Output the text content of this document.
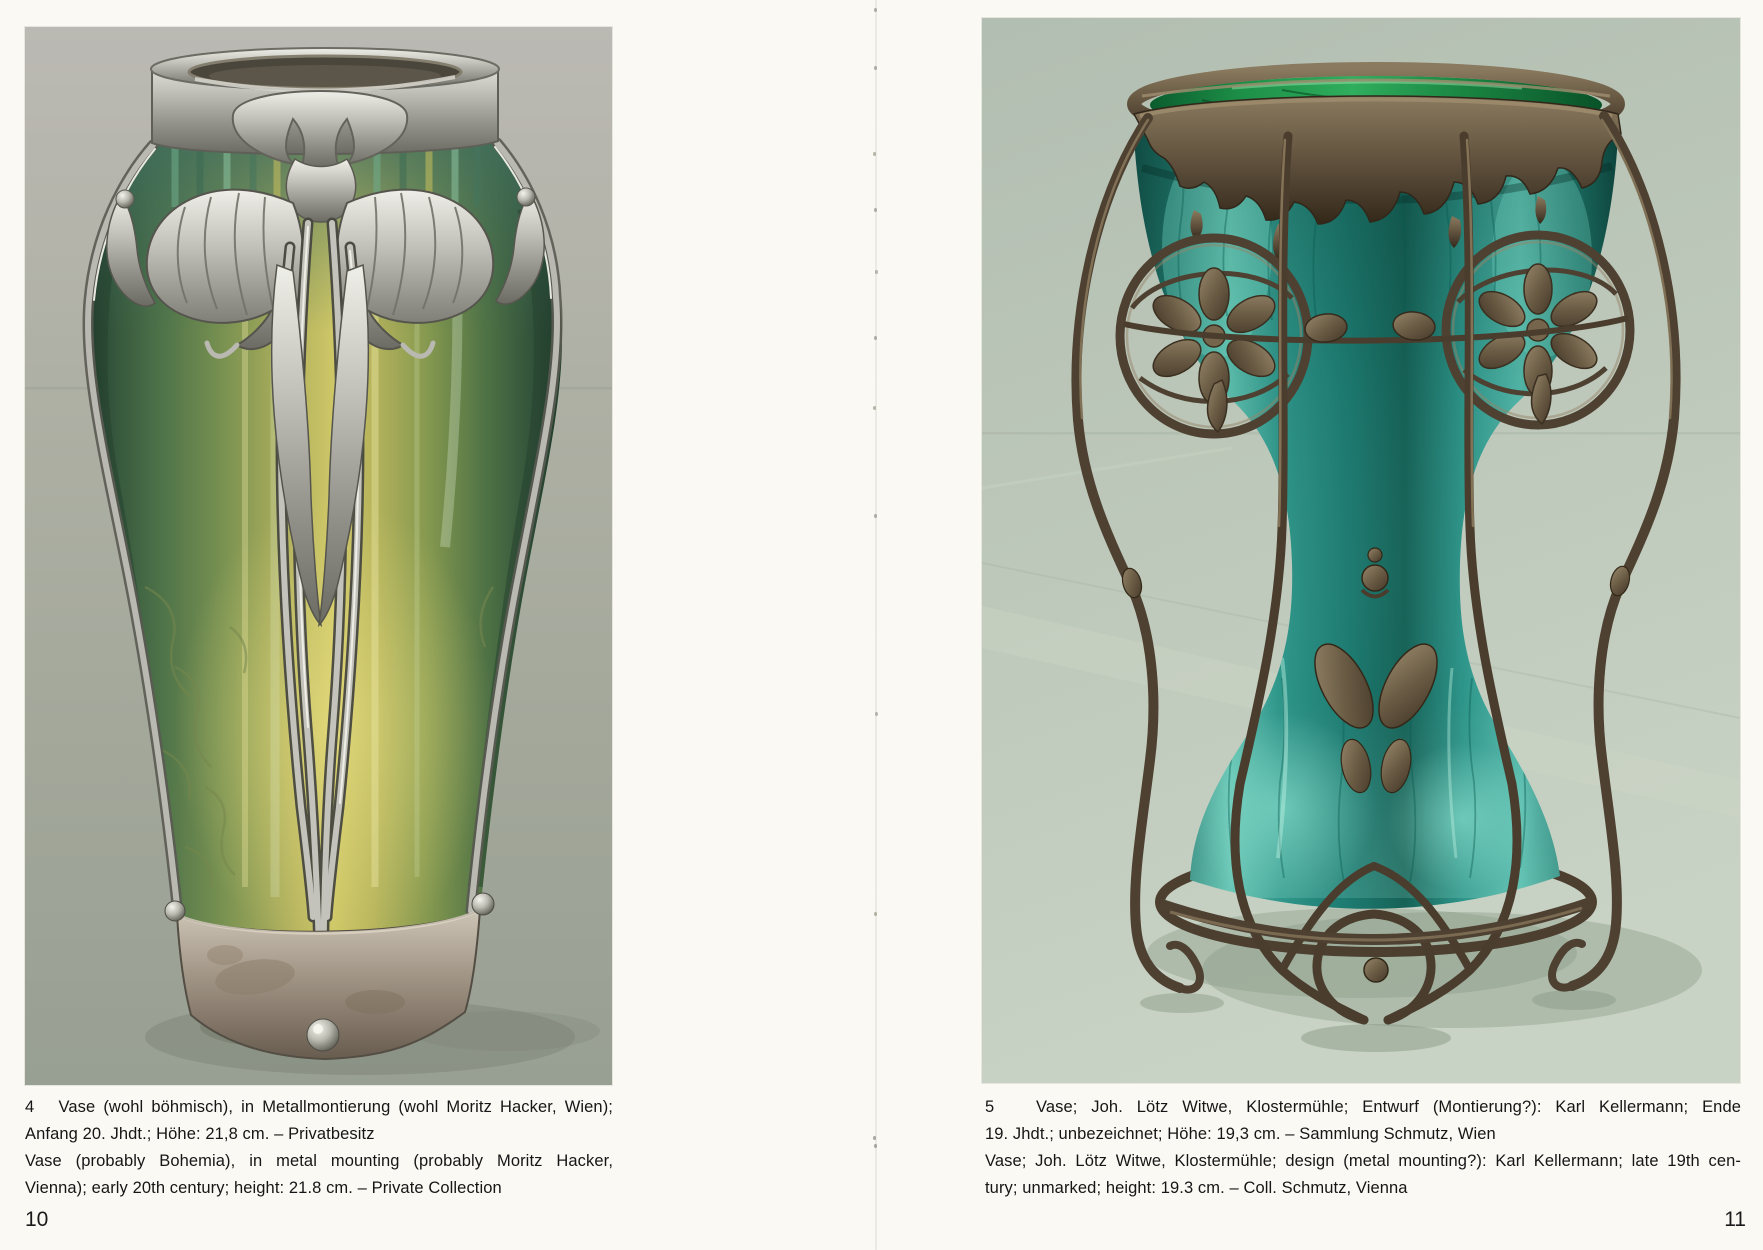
4   Vase (wohl böhmisch), in Metallmontierung (wohl Moritz Hacker, Wien);
Anfang 20. Jhdt.; Höhe: 21,8 cm. – Privatbesitz
Vase (probably Bohemia), in metal mounting (probably Moritz Hacker,
Vienna); early 20th century; height: 21.8 cm. – Private Collection
5   Vase; Joh. Lötz Witwe, Klostermühle; Entwurf (Montierung?): Karl Kellermann; Ende
19. Jhdt.; unbezeichnet; Höhe: 19,3 cm. – Sammlung Schmutz, Wien
Vase; Joh. Lötz Witwe, Klostermühle; design (metal mounting?): Karl Kellermann; late 19th cen-
tury; unmarked; height: 19.3 cm. – Coll. Schmutz, Vienna
10	11
